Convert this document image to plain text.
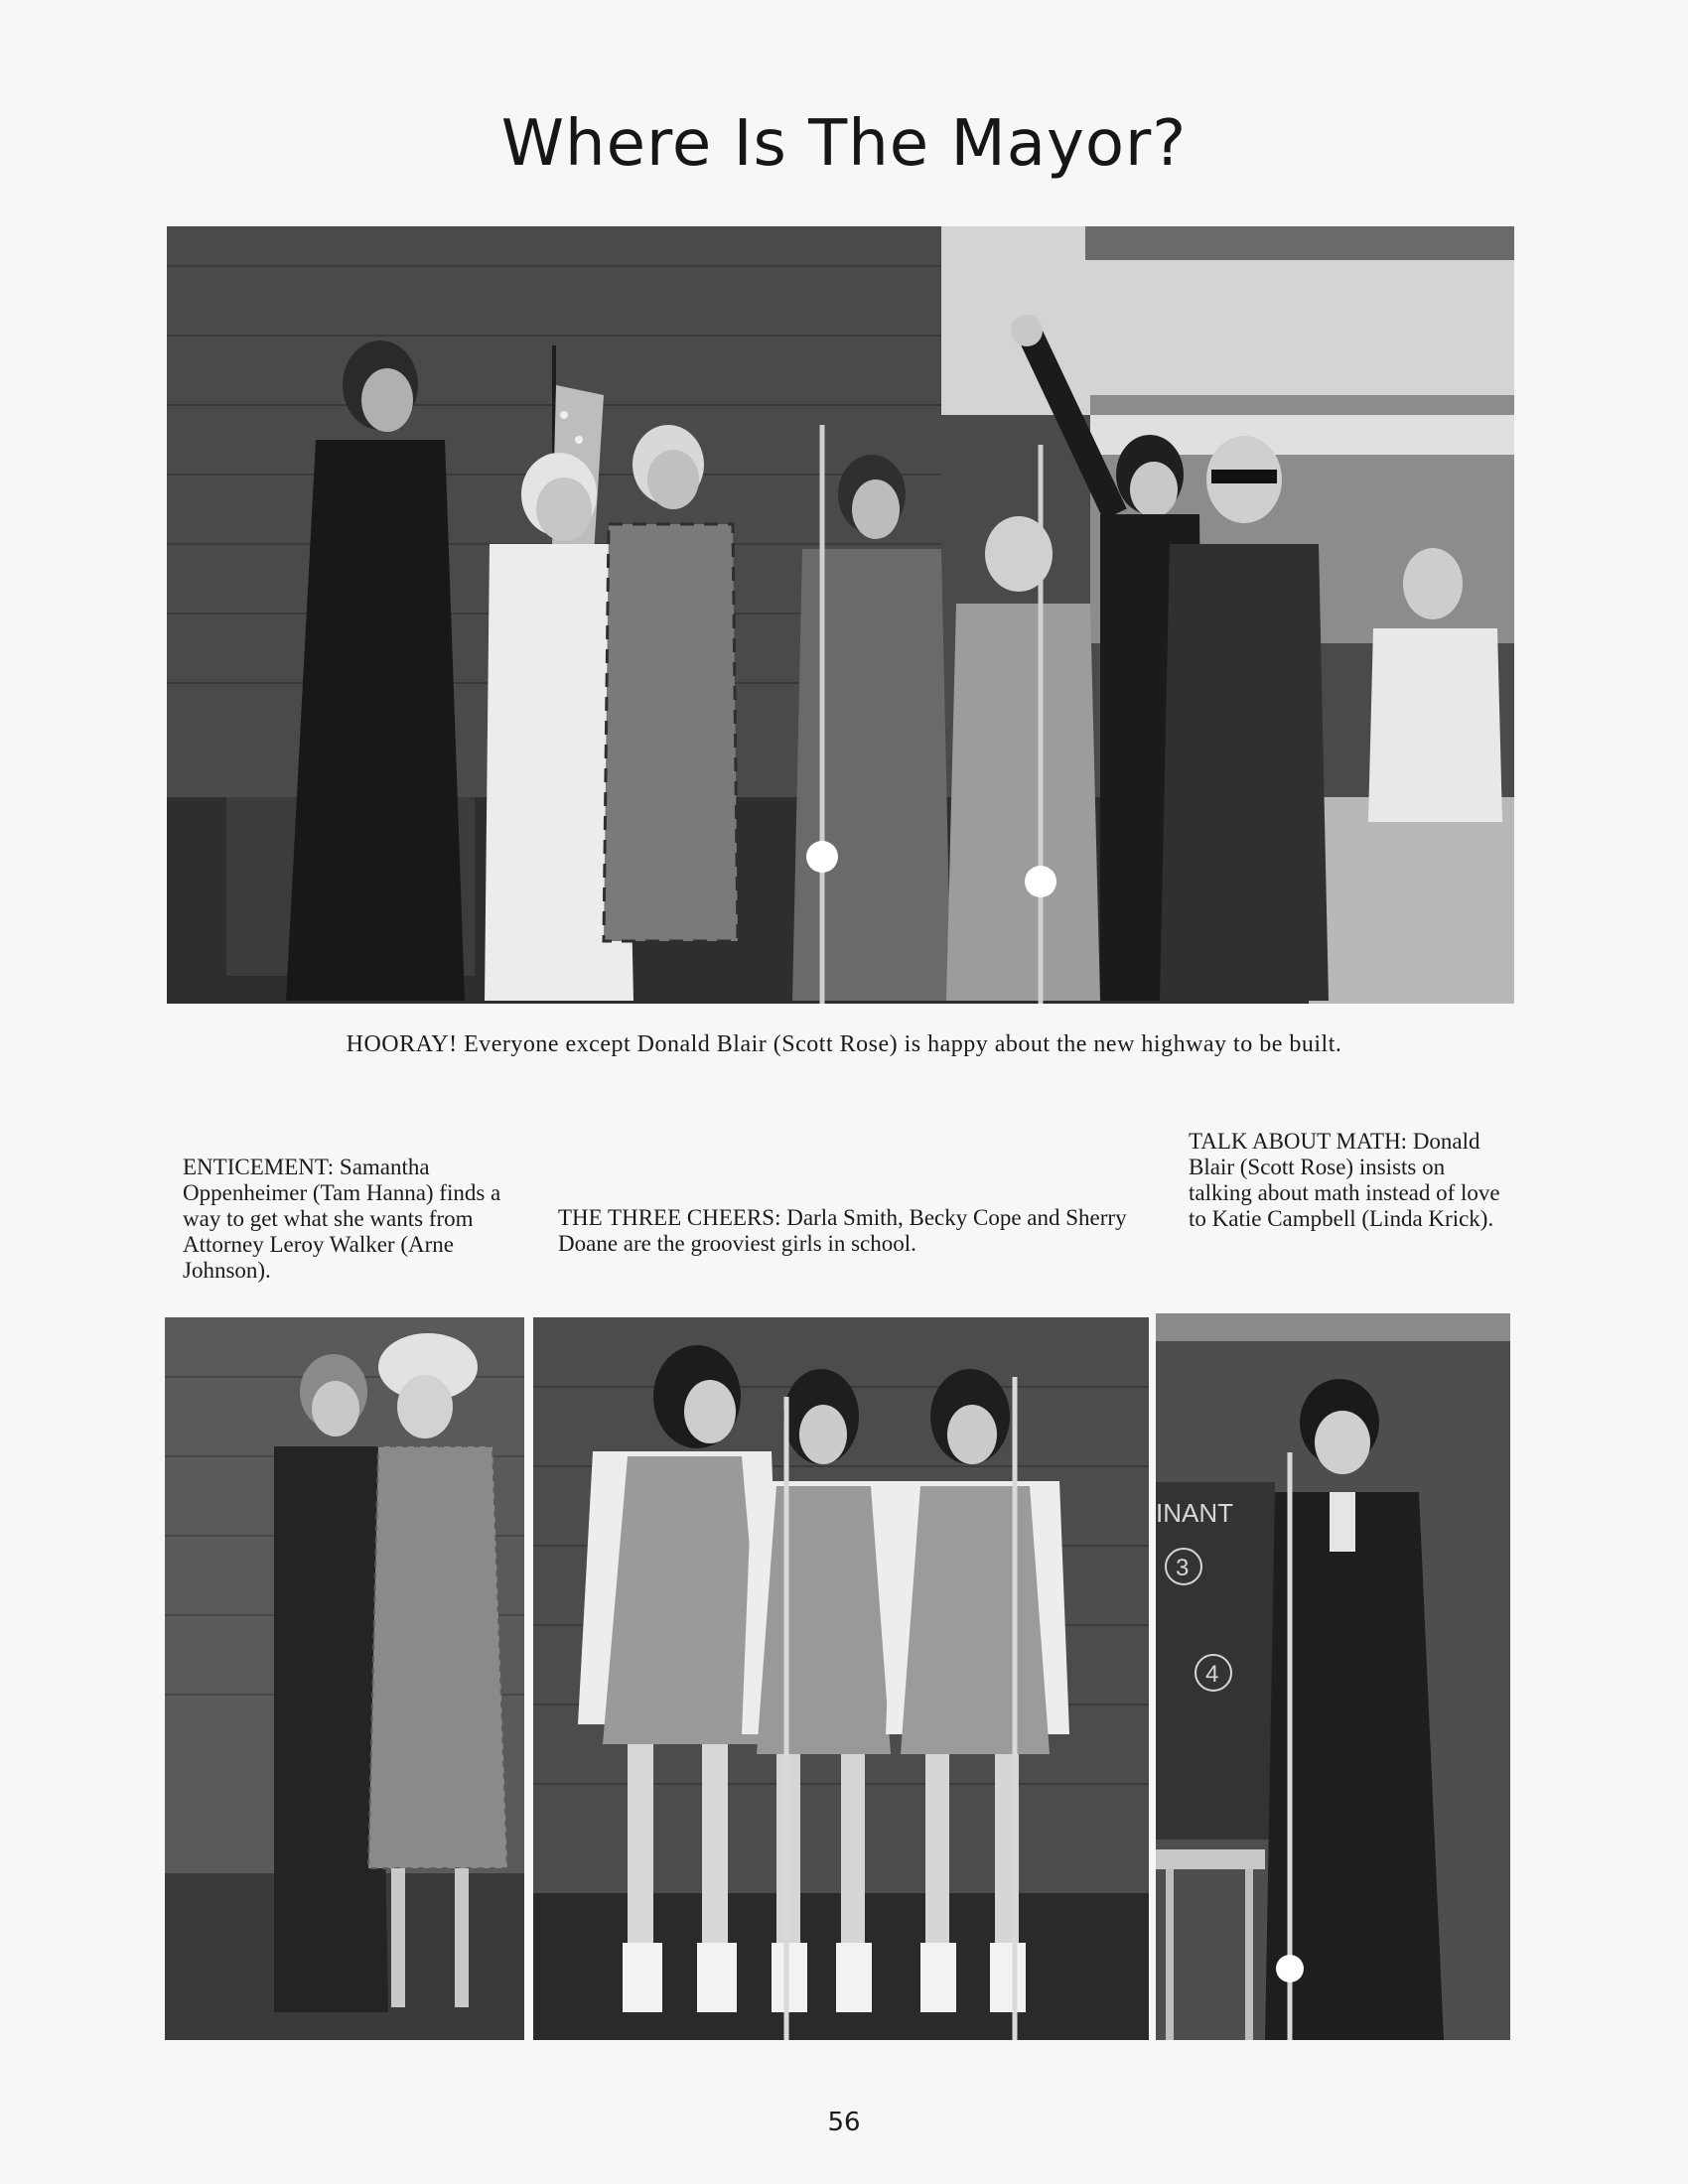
Where Is The Mayor?
HOORAY! Everyone except Donald Blair (Scott Rose) is happy about the new highway to be built.
ENTICEMENT: Samantha Oppenheimer (Tam Hanna) finds a way to get what she wants from Attorney Leroy Walker (Arne Johnson).
THE THREE CHEERS: Darla Smith, Becky Cope and Sherry Doane are the grooviest girls in school.
TALK ABOUT MATH: Donald Blair (Scott Rose) insists on talking about math instead of love to Katie Campbell (Linda Krick).
INANT
3
4
56
